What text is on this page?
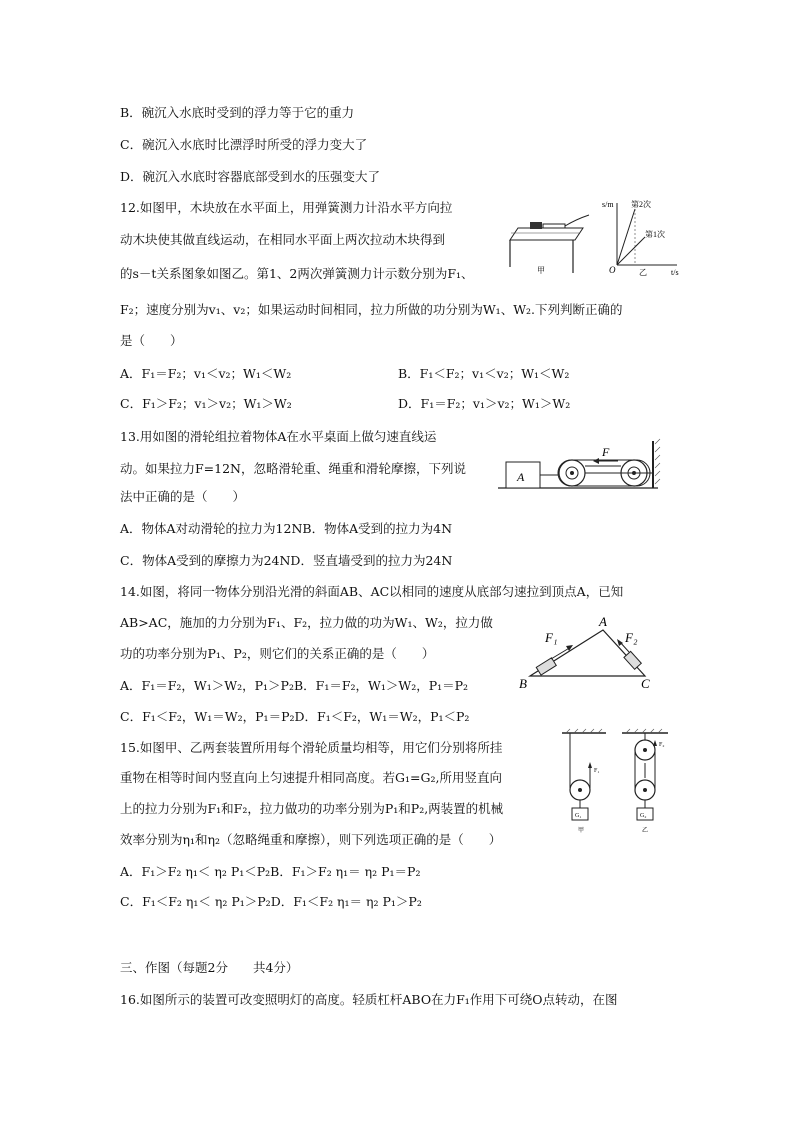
B．碗沉入水底时受到的浮力等于它的重力
C．碗沉入水底时比漂浮时所受的浮力变大了
D．碗沉入水底时容器底部受到水的压强变大了
12.如图甲，木块放在水平面上，用弹簧测力计沿水平方向拉
动木块使其做直线运动，在相同水平面上两次拉动木块得到
的s－t关系图象如图乙。第1、2两次弹簧测力计示数分别为F₁、
F₂；速度分别为v₁、v₂；如果运动时间相同，拉力所做的功分别为W₁、W₂.下列判断正确的
是（　　）
A．F₁＝F₂；v₁＜v₂；W₁＜W₂	B．F₁＜F₂；v₁＜v₂；W₁＜W₂
C．F₁＞F₂；v₁＞v₂；W₁＞W₂	D．F₁＝F₂；v₁＞v₂；W₁＞W₂
甲
s/m
t/s
O
第2次
第1次
乙
13.用如图的滑轮组拉着物体A在水平桌面上做匀速直线运
动。如果拉力F=12N，忽略滑轮重、绳重和滑轮摩擦，下列说
法中正确的是（　　）
A．物体A对动滑轮的拉力为12NB．物体A受到的拉力为4N
C．物体A受到的摩擦力为24ND．竖直墙受到的拉力为24N
A
F
14.如图，将同一物体分别沿光滑的斜面AB、AC以相同的速度从底部匀速拉到顶点A，已知
AB>AC，施加的力分别为F₁、F₂，拉力做的功为W₁、W₂，拉力做
功的功率分别为P₁、P₂，则它们的关系正确的是（　　）
A．F₁＝F₂，W₁＞W₂，P₁＞P₂B．F₁＝F₂，W₁＞W₂，P₁＝P₂
C．F₁＜F₂，W₁＝W₂，P₁＝P₂D．F₁＜F₂，W₁＝W₂，P₁＜P₂
A
B	C
F₁	F₂
15.如图甲、乙两套装置所用每个滑轮质量均相等，用它们分别将所挂
重物在相等时间内竖直向上匀速提升相同高度。若G₁=G₂,所用竖直向
上的拉力分别为F₁和F₂，拉力做功的功率分别为P₁和P₂,两装置的机械
效率分别为η₁和η₂（忽略绳重和摩擦），则下列选项正确的是（　　）
A．F₁＞F₂ η₁＜ η₂ P₁＜P₂B．F₁＞F₂ η₁＝ η₂ P₁＝P₂
C．F₁＜F₂ η₁＜ η₂ P₁＞P₂D．F₁＜F₂ η₁＝ η₂ P₁＞P₂
G₁
F₁
甲
G₂
F₂
乙
三、作图（每题2分　　共4分）
16.如图所示的装置可改变照明灯的高度。轻质杠杆ABO在力F₁作用下可绕O点转动，在图
